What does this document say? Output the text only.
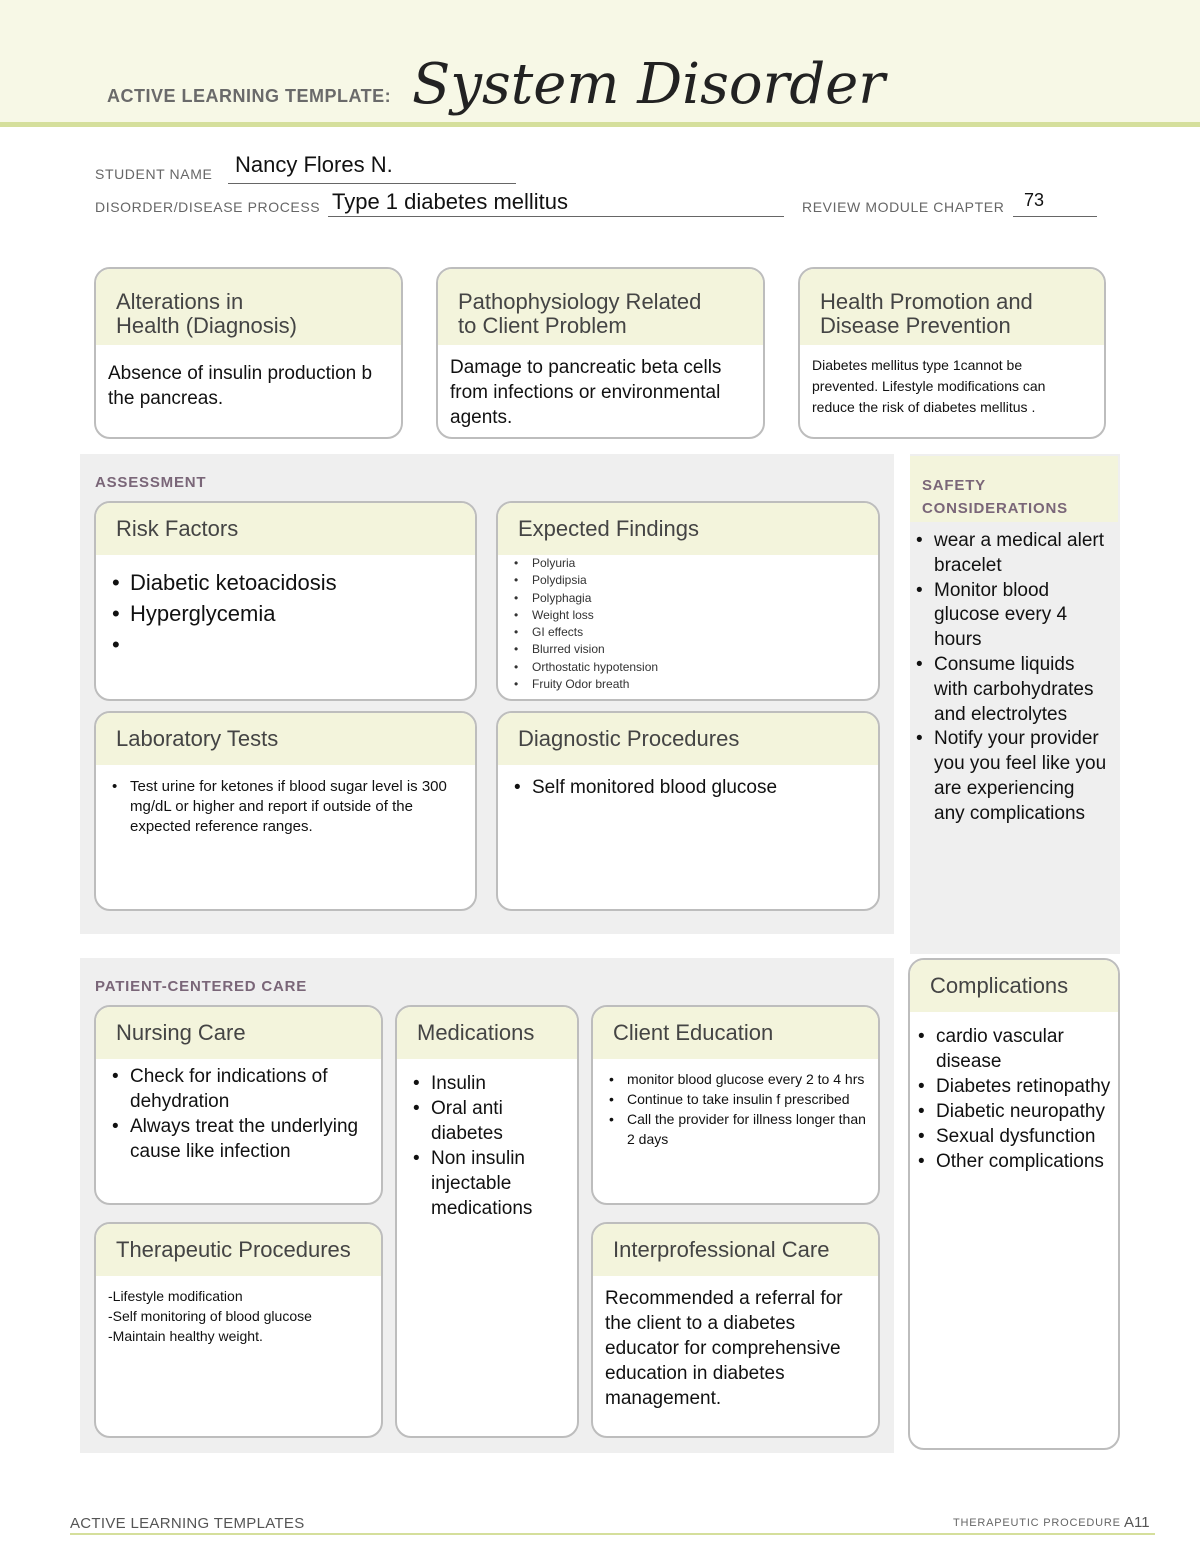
ACTIVE LEARNING TEMPLATE: System Disorder
STUDENT NAME Nancy Flores N.
DISORDER/DISEASE PROCESS Type 1 diabetes mellitus	REVIEW MODULE CHAPTER 73
Alterations in
Health (Diagnosis)
Absence of insulin production b the pancreas.
Pathophysiology Related
to Client Problem
Damage to pancreatic beta cells from infections or environmental agents.
Health Promotion and
Disease Prevention
Diabetes mellitus type 1cannot be prevented. Lifestyle modifications can reduce the risk of diabetes mellitus .
ASSESSMENT
Risk Factors
• Diabetic ketoacidosis
• Hyperglycemia
•
Expected Findings
• Polyuria
• Polydipsia
• Polyphagia
• Weight loss
• GI effects
• Blurred vision
• Orthostatic hypotension
• Fruity Odor breath
Laboratory Tests
• Test urine for ketones if blood sugar level is 300 mg/dL or higher and report if outside of the expected reference ranges.
Diagnostic Procedures
• Self monitored blood glucose
SAFETY
CONSIDERATIONS
• wear a medical alert bracelet
• Monitor blood glucose every 4 hours
• Consume liquids with carbohydrates and electrolytes
• Notify your provider you you feel like you are experiencing any complications
PATIENT-CENTERED CARE
Nursing Care
• Check for indications of dehydration
• Always treat the underlying cause like infection
Medications
• Insulin
• Oral anti diabetes
• Non insulin injectable medications
Client Education
• monitor blood glucose every 2 to 4 hrs
• Continue to take insulin f prescribed
• Call the provider for illness longer than 2 days
Therapeutic Procedures
-Lifestyle modification
-Self monitoring of blood glucose
-Maintain healthy weight.
Interprofessional Care
Recommended a referral for the client to a diabetes educator for comprehensive education in diabetes management.
Complications
• cardio vascular disease
• Diabetes retinopathy
• Diabetic neuropathy
• Sexual dysfunction
• Other complications
ACTIVE LEARNING TEMPLATES	THERAPEUTIC PROCEDURE A11
